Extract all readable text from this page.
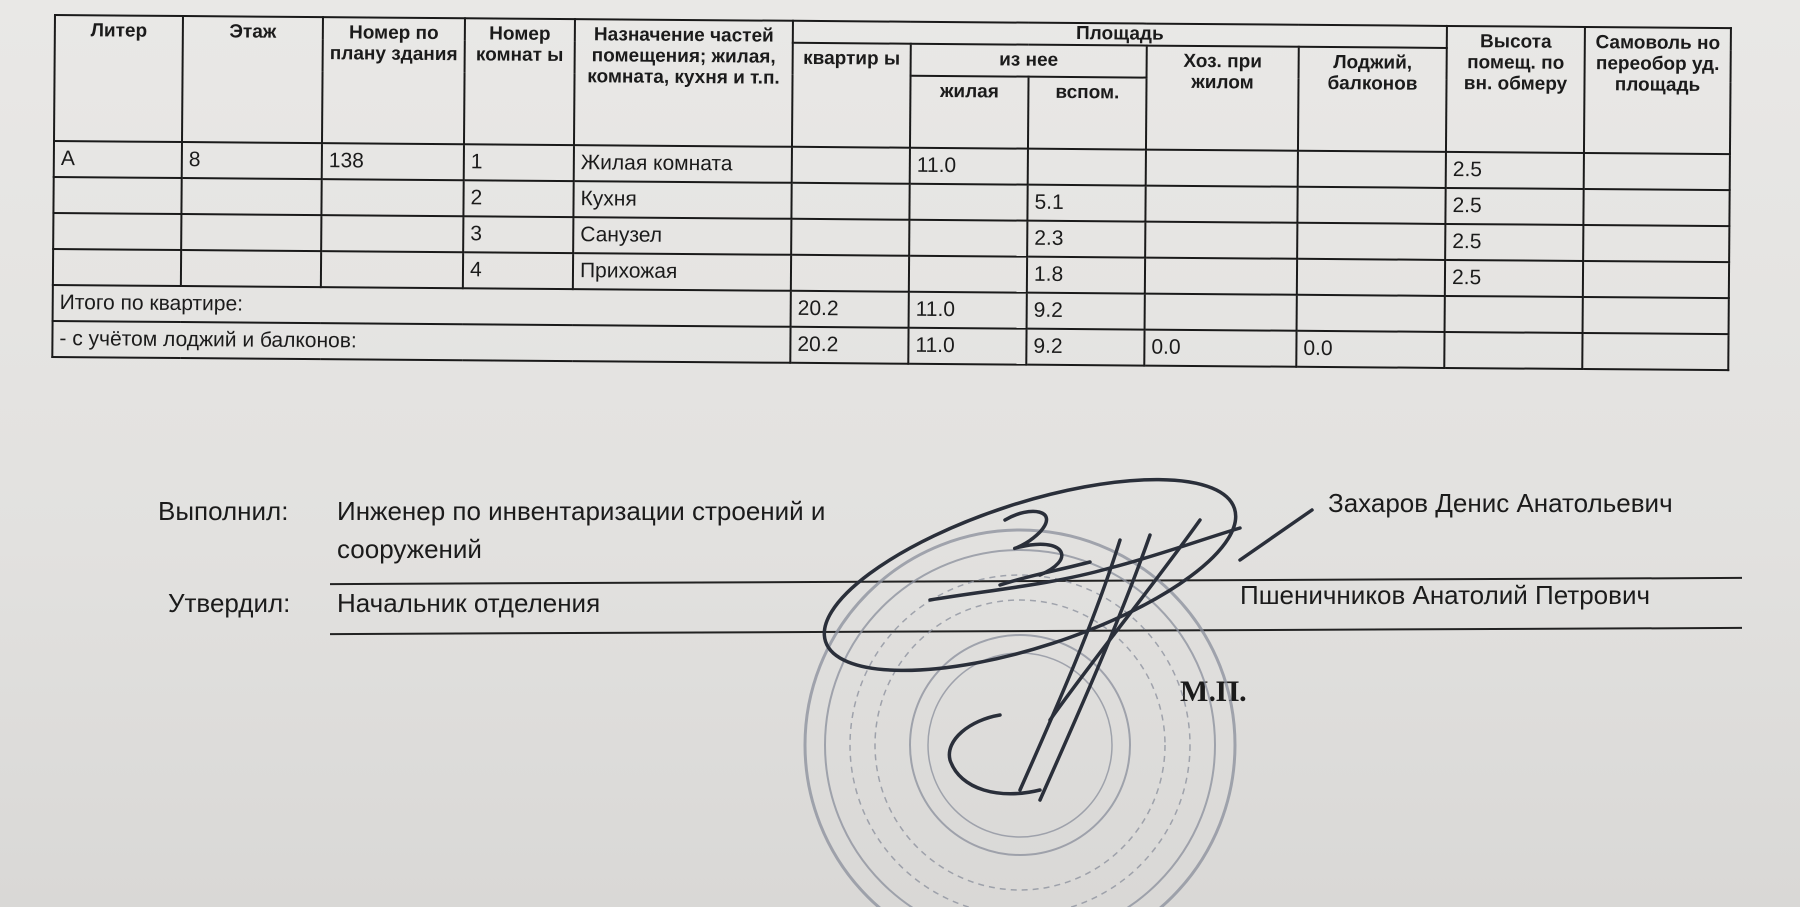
Литер	Этаж	Номер по плану здания	Номер комнат ы	Назначение частей помещения; жилая, комната, кухня и т.п.	Площадь					Высота помещ. по вн. обмеру	Самоволь но переобор уд. площадь
					квартир ы	из нее		Хоз. при жилом	Лоджий, балконов		
						жилая	вспом.				
А	8	138	1	Жилая комната		11.0				2.5	
			2	Кухня			5.1			2.5	
			3	Санузел			2.3			2.5	
			4	Прихожая			1.8			2.5	
Итого по квартире:					20.2	11.0	9.2				
- с учётом лоджий и балконов:					20.2	11.0	9.2	0.0	0.0		
Выполнил: Инженер по инвентаризации строений и
сооружений
Захаров Денис Анатольевич
Утвердил: Начальник отделения	Пшеничников Анатолий Петрович
М.П.
